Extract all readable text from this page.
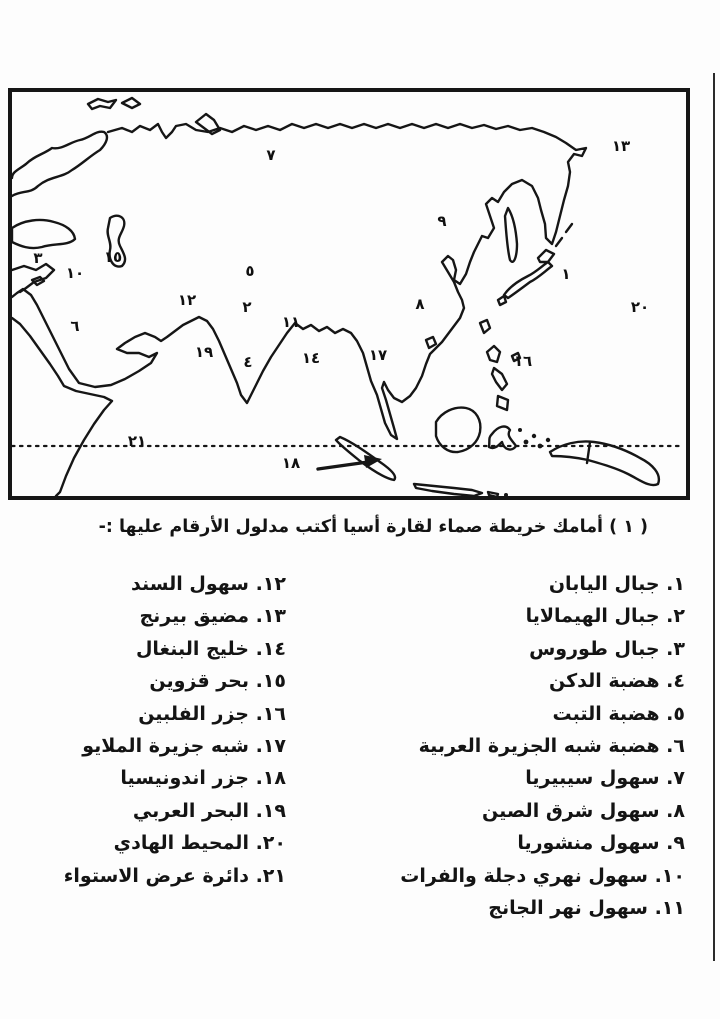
١
٢
٣
٤
٥
٦
٧
٨
٩
١٠
١١
١٢
١٣
١٤
١٥
١٦
١٧
١٨
١٩
٢٠
٢١
( ١ ) أمامك خريطة صماء لقارة أسيا أكتب مدلول الأرقام عليها :-
١. جبال اليابان
٢. جبال الهيمالايا
٣. جبال طوروس
٤. هضبة الدكن
٥. هضبة التبت
٦. هضبة شبه الجزيرة العربية
٧. سهول سيبيريا
٨. سهول شرق الصين
٩. سهول منشوريا
١٠. سهول نهري دجلة والفرات
١١. سهول نهر الجانج
١٢. سهول السند
١٣. مضيق بيرنج
١٤. خليج البنغال
١٥. بحر قزوين
١٦. جزر الفلبين
١٧. شبه جزيرة الملايو
١٨. جزر اندونيسيا
١٩. البحر العربي
٢٠. المحيط الهادي
٢١. دائرة عرض الاستواء
